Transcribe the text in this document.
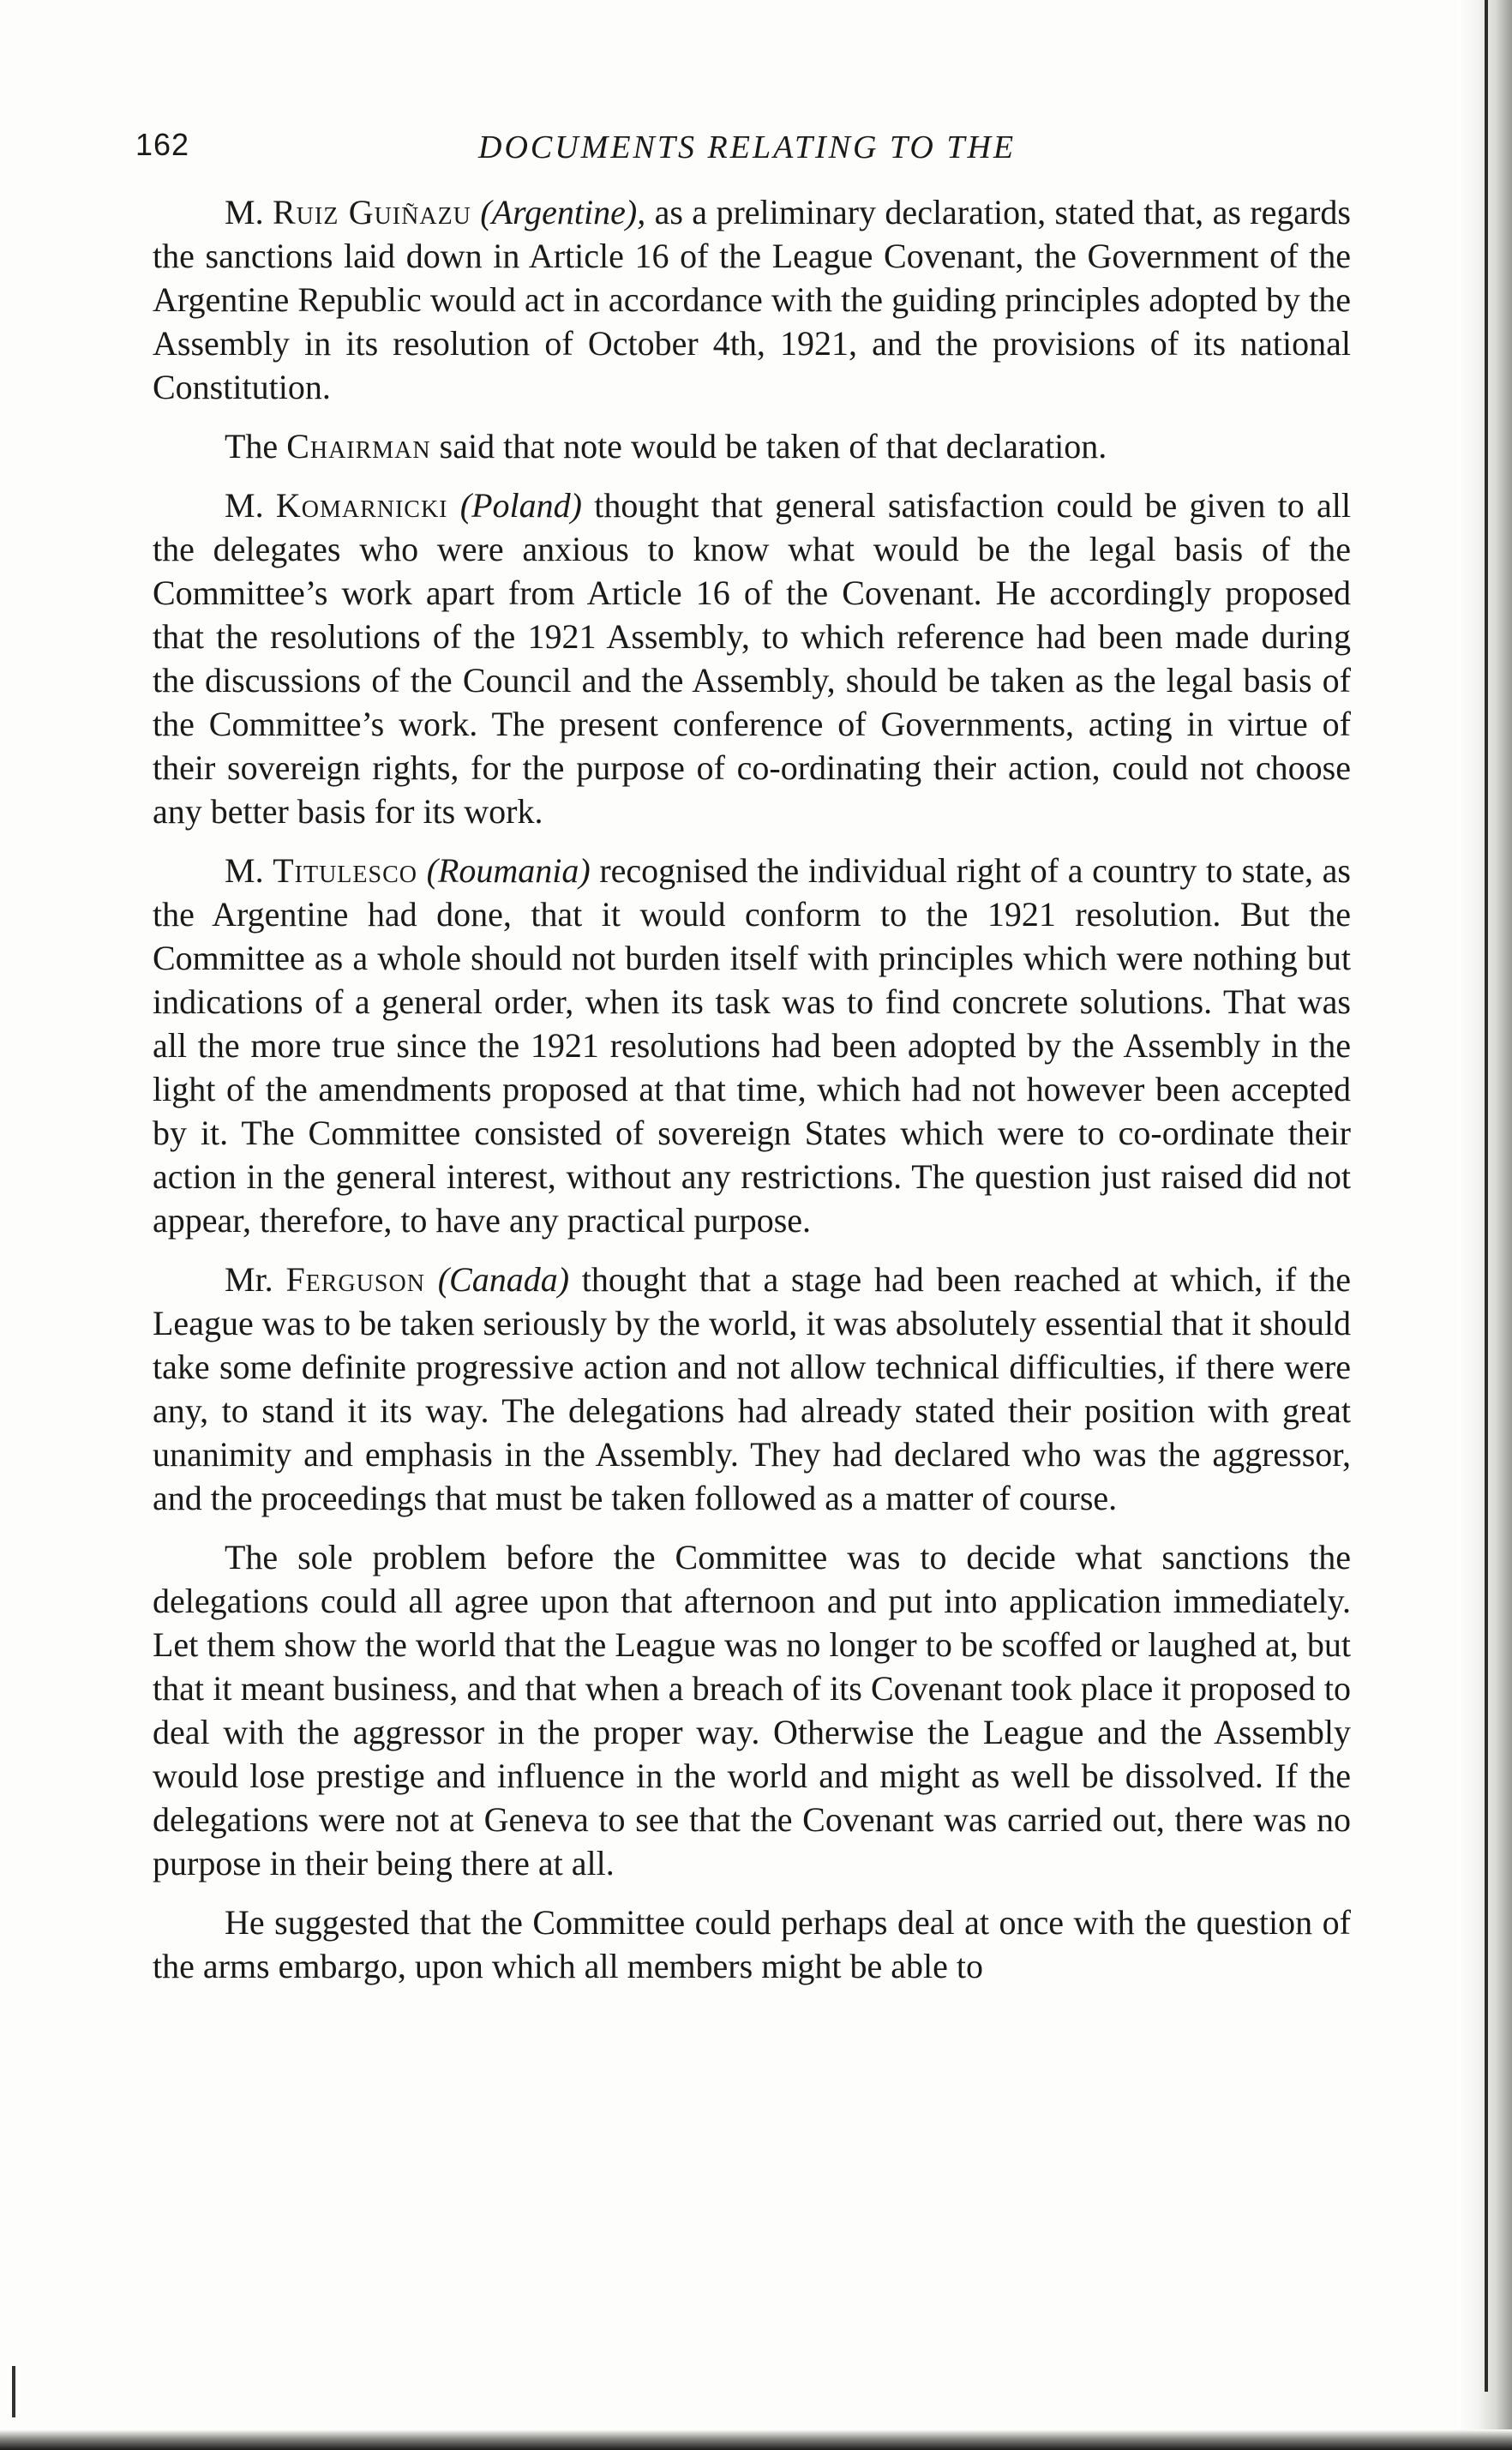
162	DOCUMENTS RELATING TO THE

M. Ruiz Guiñazu (Argentine), as a preliminary declaration, stated that, as regards the sanctions laid down in Article 16 of the League Covenant, the Government of the Argentine Republic would act in accordance with the guiding principles adopted by the Assembly in its resolution of October 4th, 1921, and the provisions of its national Constitution.

The Chairman said that note would be taken of that declaration.

M. Komarnicki (Poland) thought that general satisfaction could be given to all the delegates who were anxious to know what would be the legal basis of the Committee’s work apart from Article 16 of the Covenant. He accordingly proposed that the resolutions of the 1921 Assembly, to which reference had been made during the discussions of the Council and the Assembly, should be taken as the legal basis of the Committee’s work. The present conference of Governments, acting in virtue of their sovereign rights, for the purpose of co-ordinating their action, could not choose any better basis for its work.

M. Titulesco (Roumania) recognised the individual right of a country to state, as the Argentine had done, that it would conform to the 1921 resolution. But the Committee as a whole should not burden itself with principles which were nothing but indications of a general order, when its task was to find concrete solutions. That was all the more true since the 1921 resolutions had been adopted by the Assembly in the light of the amendments proposed at that time, which had not however been accepted by it. The Committee consisted of sovereign States which were to co-ordinate their action in the general interest, without any restrictions. The question just raised did not appear, therefore, to have any practical purpose.

Mr. Ferguson (Canada) thought that a stage had been reached at which, if the League was to be taken seriously by the world, it was absolutely essential that it should take some definite progressive action and not allow technical difficulties, if there were any, to stand it its way. The delegations had already stated their position with great unanimity and emphasis in the Assembly. They had declared who was the aggressor, and the proceedings that must be taken followed as a matter of course.

The sole problem before the Committee was to decide what sanctions the delegations could all agree upon that afternoon and put into application immediately. Let them show the world that the League was no longer to be scoffed or laughed at, but that it meant business, and that when a breach of its Covenant took place it proposed to deal with the aggressor in the proper way. Otherwise the League and the Assembly would lose prestige and influence in the world and might as well be dissolved. If the delegations were not at Geneva to see that the Covenant was carried out, there was no purpose in their being there at all.

He suggested that the Committee could perhaps deal at once with the question of the arms embargo, upon which all members might be able to
